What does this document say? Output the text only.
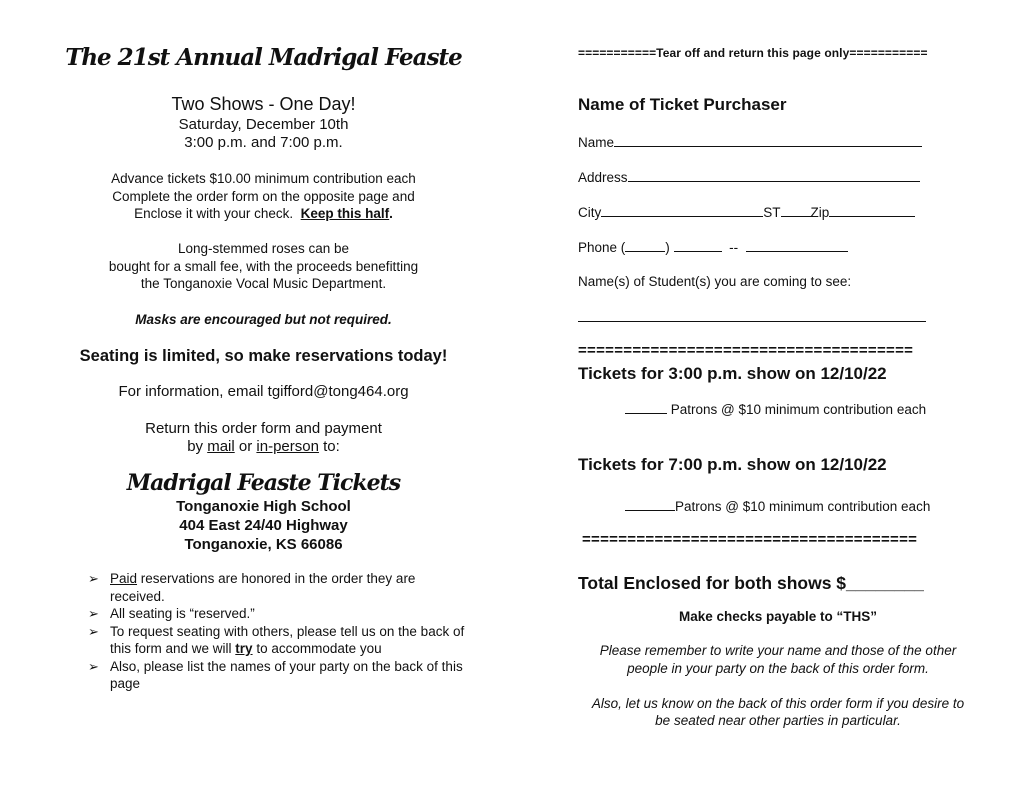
The 21st Annual Madrigal Feaste
Two Shows - One Day!
Saturday, December 10th
3:00 p.m. and 7:00 p.m.
Advance tickets $10.00 minimum contribution each
Complete the order form on the opposite page and
Enclose it with your check. Keep this half.
Long-stemmed roses can be
bought for a small fee, with the proceeds benefitting
the Tonganoxie Vocal Music Department.
Masks are encouraged but not required.
Seating is limited, so make reservations today!
For information, email tgifford@tong464.org
Return this order form and payment
by mail or in-person to:
Madrigal Feaste Tickets
Tonganoxie High School
404 East 24/40 Highway
Tonganoxie, KS 66086
➢ Paid reservations are honored in the order they are received.
➢ All seating is “reserved.”
➢ To request seating with others, please tell us on the back of this form and we will try to accommodate you
➢ Also, please list the names of your party on the back of this page
===========Tear off and return this page only===========
Name of Ticket Purchaser
Name
Address
City	ST Zip
Phone (	)	--
Name(s) of Student(s) you are coming to see:
=====================================
Tickets for 3:00 p.m. show on 12/10/22
Patrons @ $10 minimum contribution each
Tickets for 7:00 p.m. show on 12/10/22
Patrons @ $10 minimum contribution each
=====================================
Total Enclosed for both shows $________
Make checks payable to “THS”
Please remember to write your name and those of the other
people in your party on the back of this order form.
Also, let us know on the back of this order form if you desire to
be seated near other parties in particular.
